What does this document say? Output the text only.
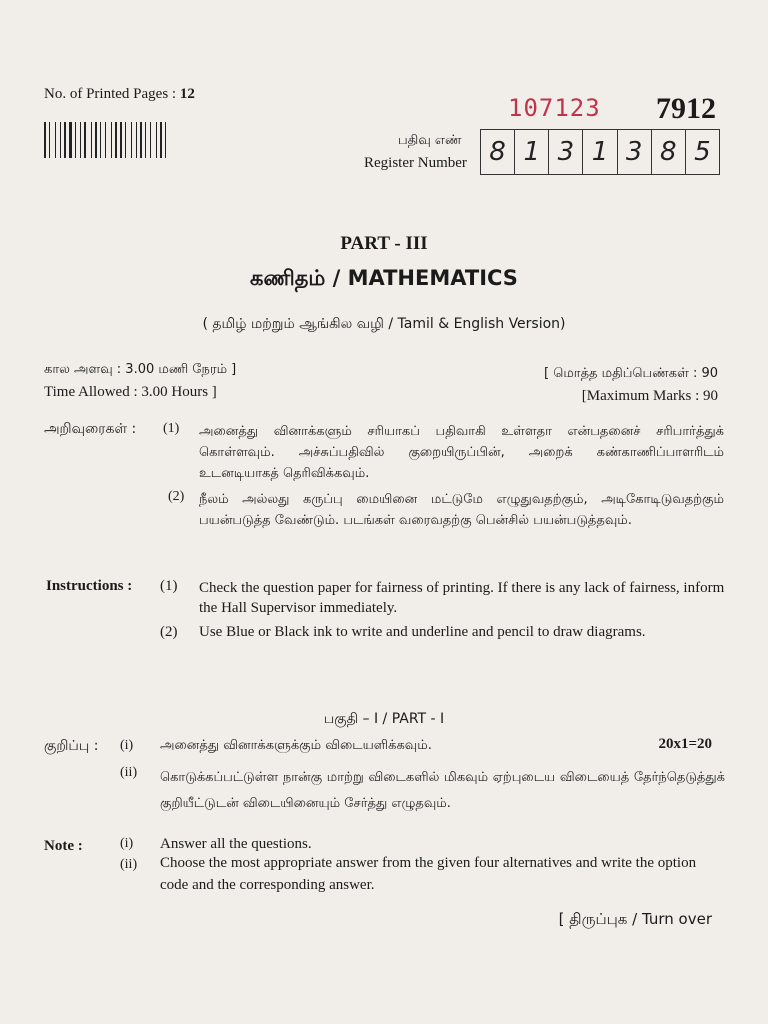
No. of Printed Pages : 12	107123 7912
பதிவு எண்
Register Number 8 1 3 1 3 8 5
PART - III
கணிதம் / MATHEMATICS
( தமிழ் மற்றும் ஆங்கில வழி / Tamil & English Version)
கால அளவு : 3.00 மணி நேரம் ]
Time Allowed : 3.00 Hours ]
[ மொத்த மதிப்பெண்கள் : 90
[Maximum Marks : 90
அறிவுரைகள் : (1) அனைத்து வினாக்களும் சரியாகப் பதிவாகி உள்ளதா என்பதனைச் சரிபார்த்துக் கொள்ளவும். அச்சுப்பதிவில் குறையிருப்பின், அறைக் கண்காணிப்பாளரிடம் உடனடியாகத் தெரிவிக்கவும்.
(2) நீலம் அல்லது கருப்பு மையினை மட்டுமே எழுதுவதற்கும், அடிகோடிடுவதற்கும் பயன்படுத்த வேண்டும். படங்கள் வரைவதற்கு பென்சில் பயன்படுத்தவும்.
Instructions : (1) Check the question paper for fairness of printing. If there is any lack of fairness, inform the Hall Supervisor immediately.
(2) Use Blue or Black ink to write and underline and pencil to draw diagrams.
பகுதி – I / PART - I
குறிப்பு : (i) அனைத்து வினாக்களுக்கும் விடையளிக்கவும்.	20x1=20
(ii) கொடுக்கப்பட்டுள்ள நான்கு மாற்று விடைகளில் மிகவும் ஏற்புடைய விடையைத் தேர்ந்தெடுத்துக் குறியீட்டுடன் விடையினையும் சேர்த்து எழுதவும்.
Note :	(i) Answer all the questions.
(ii) Choose the most appropriate answer from the given four alternatives and write the option code and the corresponding answer.
[ திருப்புக / Turn over
